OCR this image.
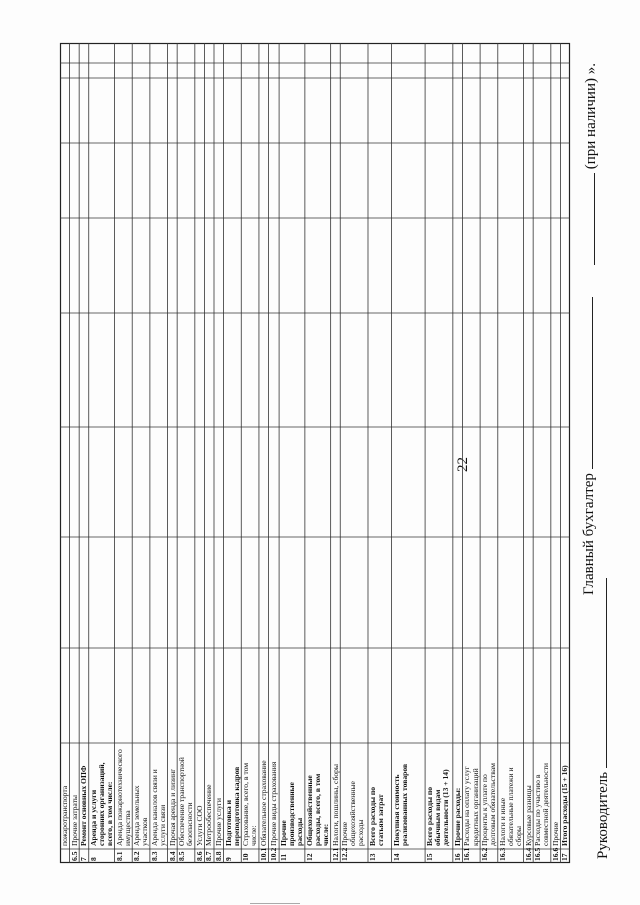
22
пожаротранспорта
6.5
Прочие затраты
7
Ремонт основных ОПФ
8
Аренда и услуги сторонних организаций, всего, в том числе:
8.1
Аренда пожарнотехнического имущества
8.2
Аренда земельных участков
8.3
Аренда каналов связи и услуги связи
8.4
Прочая аренда и лизинг
8.5
Обеспечение транспортной безопасности
8.6
Услуги СОО
8.7
Метрообеспечение
8.8
Прочие услуги
9
Подготовка и переподготовка кадров
10
Страхование, всего, в том числе:
10.1
Обязательное страхование
10.2
Прочие виды страхования
11
Прочие производственные расходы
12
Общехозяйственные расходы, всего, в том числе:
12.1
Налоги, пошлины, сборы
12.2
Прочие общехозяйственные расходы
13
Всего расходы по статьям затрат
14
Покупная стоимость реализованных товаров
15
Всего расходы по обычным видам деятельности (13 + 14)
16
Прочие расходы:
16.1
Расходы на оплату услуг кредитных организаций
16.2
Проценты к уплате по долговым обязательствам
16.3
Налоги и иные обязательные платежи и сборы
16.4
Курсовые разницы
16.5
Расходы по участию в совместной деятельности
16.6
Прочие
17
Итого расходы (15 + 16) Руководитель
Главный бухгалтер
(при наличии) ».
